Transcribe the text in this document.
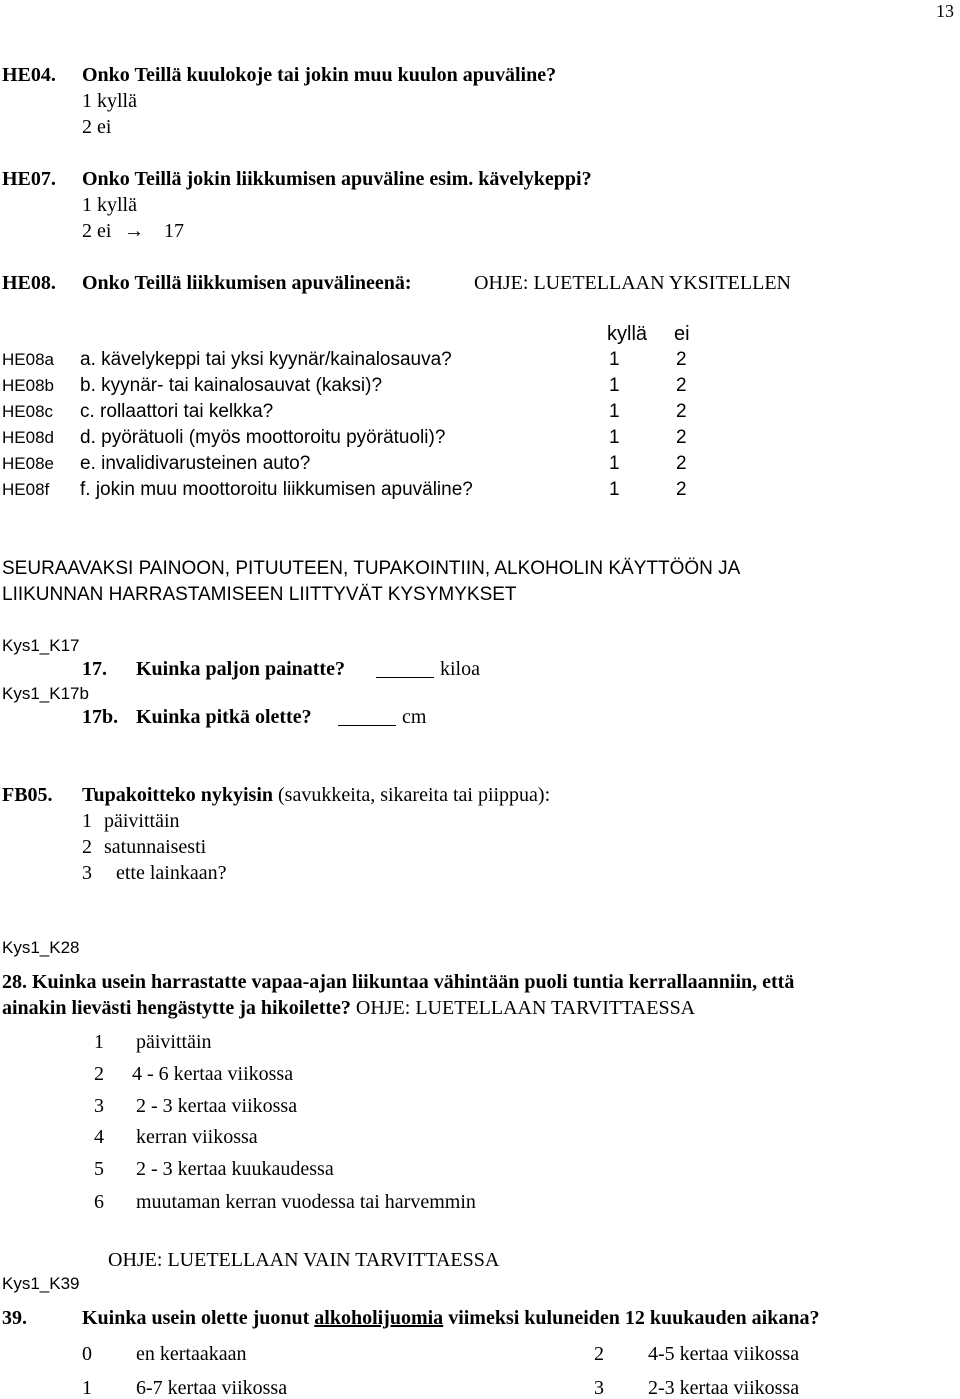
13
HE04. Onko Teillä kuulokoje tai jokin muu kuulon apuväline?
1 kyllä
2 ei
HE07. Onko Teillä jokin liikkumisen apuväline esim. kävelykeppi?
1 kyllä
2 ei → 17
HE08. Onko Teillä liikkumisen apuvälineenä:	OHJE: LUETELLAAN YKSITELLEN
kyllä ei
HE08a a. kävelykeppi tai yksi kyynär/kainalosauva?	1	2
HE08b b. kyynär- tai kainalosauvat (kaksi)?	1	2
HE08c c. rollaattori tai kelkka?	1	2
HE08d d. pyörätuoli (myös moottoroitu pyörätuoli)?	1	2
HE08e e. invalidivarusteinen auto?	1	2
HE08f f. jokin muu moottoroitu liikkumisen apuväline?	1	2
SEURAAVAKSI PAINOON, PITUUTEEN, TUPAKOINTIIN, ALKOHOLIN KÄYTTÖÖN JA
LIIKUNNAN HARRASTAMISEEN LIITTYVÄT KYSYMYKSET
Kys1_K17
17. Kuinka paljon painatte?	kiloa
Kys1_K17b
17b. Kuinka pitkä olette?	cm
FB05. Tupakoitteko nykyisin (savukkeita, sikareita tai piippua):
1 päivittäin
2 satunnaisesti
3 ette lainkaan?
Kys1_K28
28. Kuinka usein harrastatte vapaa-ajan liikuntaa vähintään puoli tuntia kerrallaanniin, että
ainakin lievästi hengästytte ja hikoilette? OHJE: LUETELLAAN TARVITTAESSA
1 päivittäin
2 4 - 6 kertaa viikossa
3 2 - 3 kertaa viikossa
4 kerran viikossa
5 2 - 3 kertaa kuukaudessa
6 muutaman kerran vuodessa tai harvemmin
OHJE: LUETELLAAN VAIN TARVITTAESSA
Kys1_K39
39.	Kuinka usein olette juonut alkoholijuomia viimeksi kuluneiden 12 kuukauden aikana?
0 en kertaakaan	2 4-5 kertaa viikossa
1 6-7 kertaa viikossa	3 2-3 kertaa viikossa
